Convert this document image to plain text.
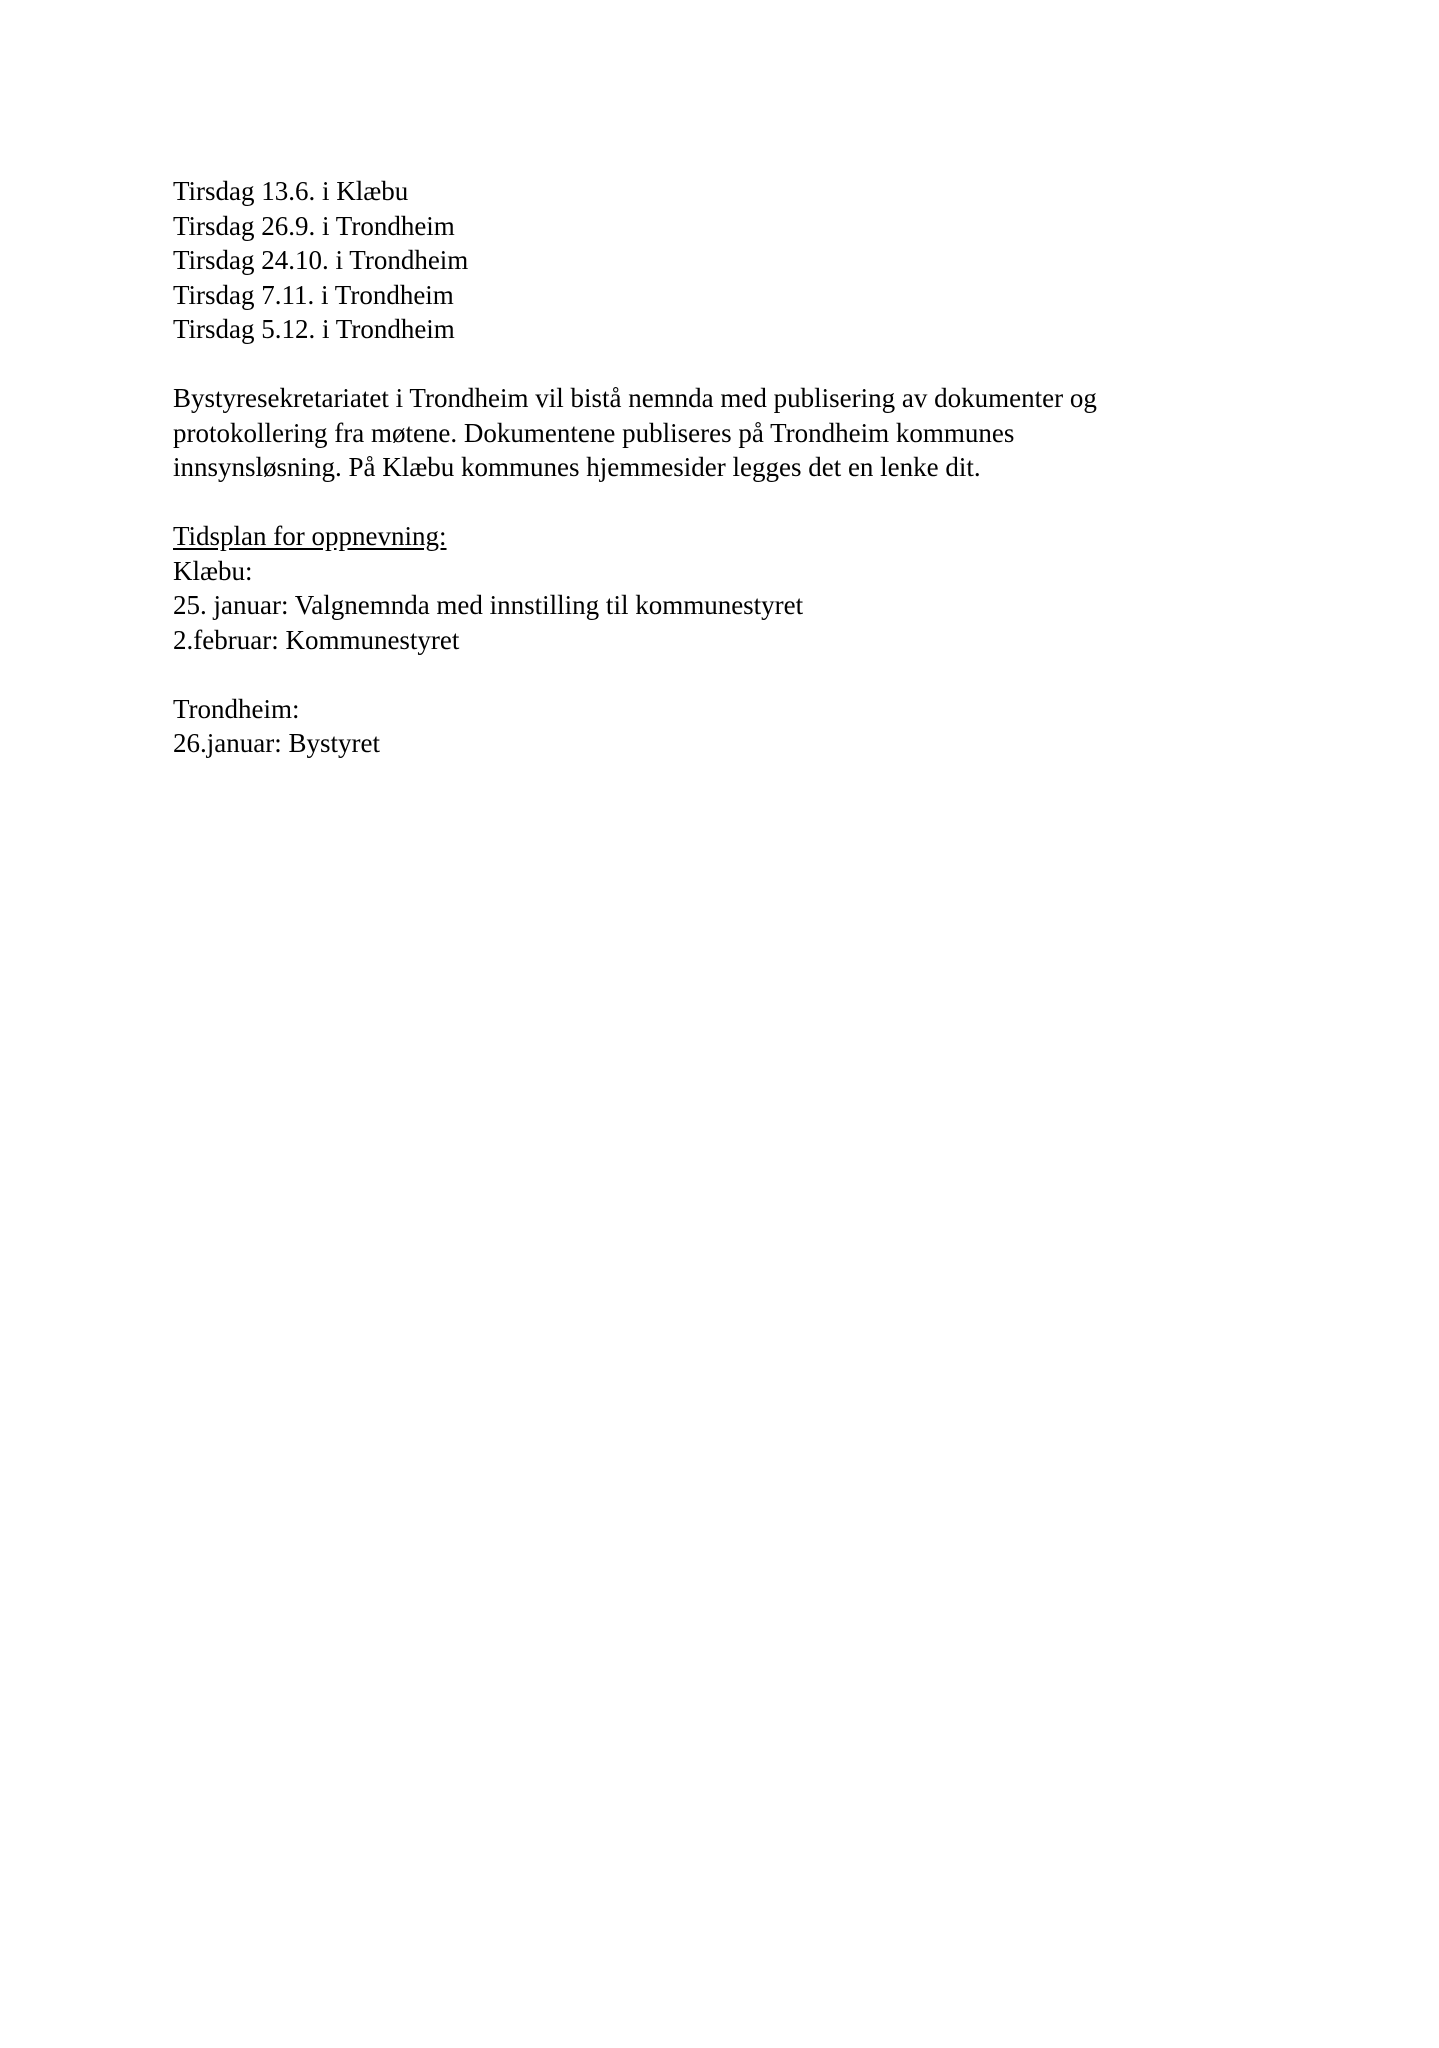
Tirsdag 13.6. i Klæbu

Tirsdag 26.9. i Trondheim

Tirsdag 24.10. i Trondheim

Tirsdag 7.11. i Trondheim

Tirsdag 5.12. i Trondheim

Bystyresekretariatet i Trondheim vil bistå nemnda med publisering av dokumenter og

protokollering fra møtene. Dokumentene publiseres på Trondheim kommunes

innsynsløsning. På Klæbu kommunes hjemmesider legges det en lenke dit.

Tidsplan for oppnevning:

Klæbu:

25. januar: Valgnemnda med innstilling til kommunestyret

2.februar: Kommunestyret

Trondheim:

26.januar: Bystyret
